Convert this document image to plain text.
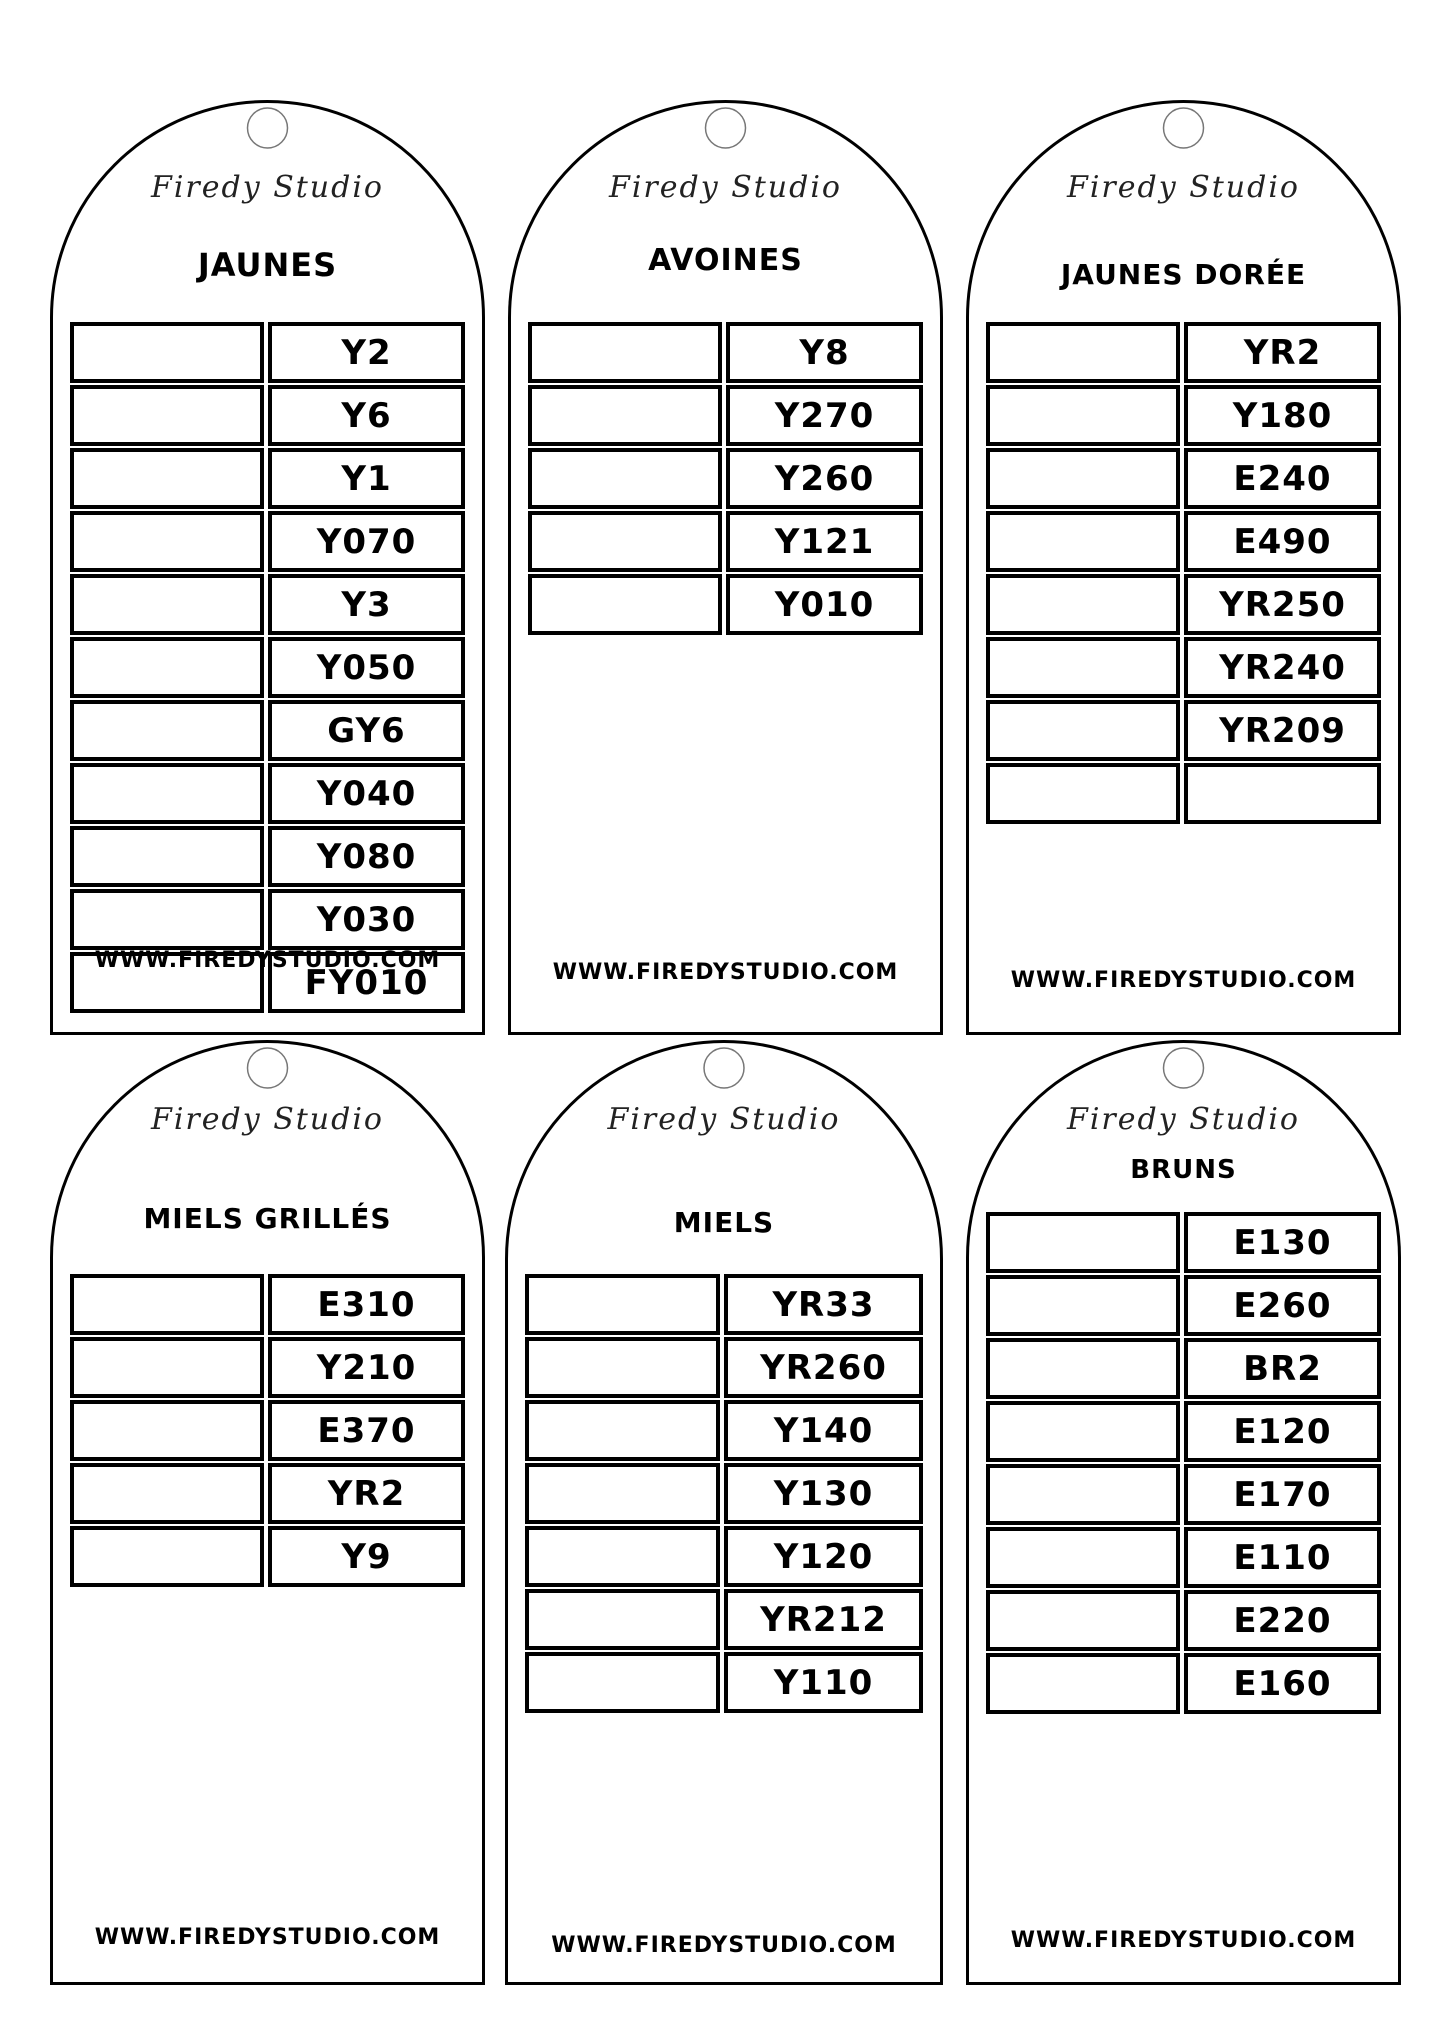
Firedy Studio
JAUNES
Y2
Y6
Y1
Y070
Y3
Y050
GY6
Y040
Y080
Y030
FY010
WWW.FIREDYSTUDIO.COM
Firedy Studio
AVOINES
Y8
Y270
Y260
Y121
Y010
WWW.FIREDYSTUDIO.COM
Firedy Studio
JAUNES DORÉE
YR2
Y180
E240
E490
YR250
YR240
YR209
WWW.FIREDYSTUDIO.COM
Firedy Studio
MIELS GRILLÉS
E310
Y210
E370
YR2
Y9
WWW.FIREDYSTUDIO.COM
Firedy Studio
MIELS
YR33
YR260
Y140
Y130
Y120
YR212
Y110
WWW.FIREDYSTUDIO.COM
Firedy Studio
BRUNS
E130
E260
BR2
E120
E170
E110
E220
E160
WWW.FIREDYSTUDIO.COM
